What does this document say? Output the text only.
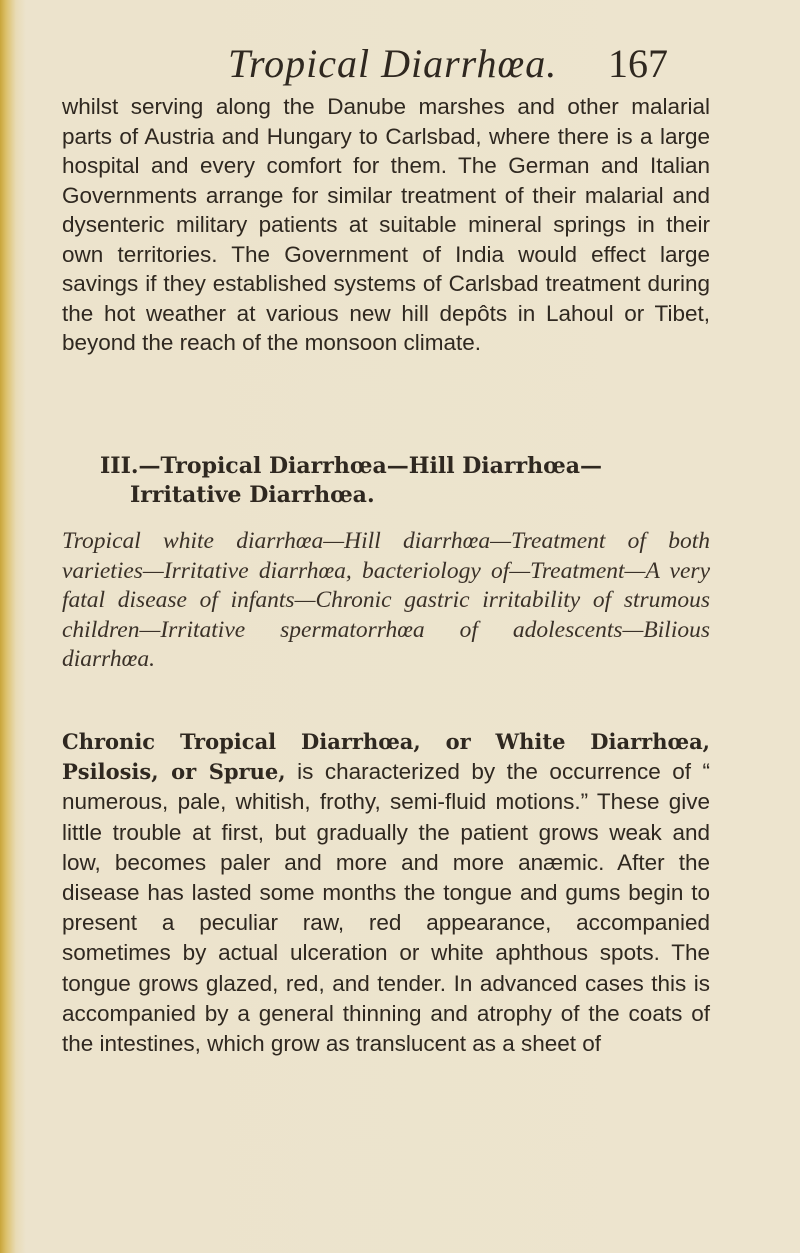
Tropical Diarrhœa. 167

whilst serving along the Danube marshes and other malarial parts of Austria and Hungary to Carlsbad, where there is a large hospital and every comfort for them. The German and Italian Governments arrange for similar treatment of their malarial and dysenteric military patients at suitable mineral springs in their own territories. The Government of India would effect large savings if they established systems of Carlsbad treatment during the hot weather at various new hill depôts in Lahoul or Tibet, beyond the reach of the monsoon climate.

III.—Tropical Diarrhœa—Hill Diarrhœa—
Irritative Diarrhœa.

Tropical white diarrhœa—Hill diarrhœa—Treatment of both varieties—Irritative diarrhœa, bacteriology of—Treatment—A very fatal disease of infants—Chronic gastric irritability of strumous children—Irritative spermatorrhœa of adolescents—Bilious diarrhœa.

Chronic Tropical Diarrhœa, or White Diarrhœa, Psilosis, or Sprue, is characterized by the occurrence of “ numerous, pale, whitish, frothy, semi-fluid motions.” These give little trouble at first, but gradually the patient grows weak and low, becomes paler and more and more anæmic. After the disease has lasted some months the tongue and gums begin to present a peculiar raw, red appearance, accompanied sometimes by actual ulceration or white aphthous spots. The tongue grows glazed, red, and tender. In advanced cases this is accompanied by a general thinning and atrophy of the coats of the intestines, which grow as translucent as a sheet of
